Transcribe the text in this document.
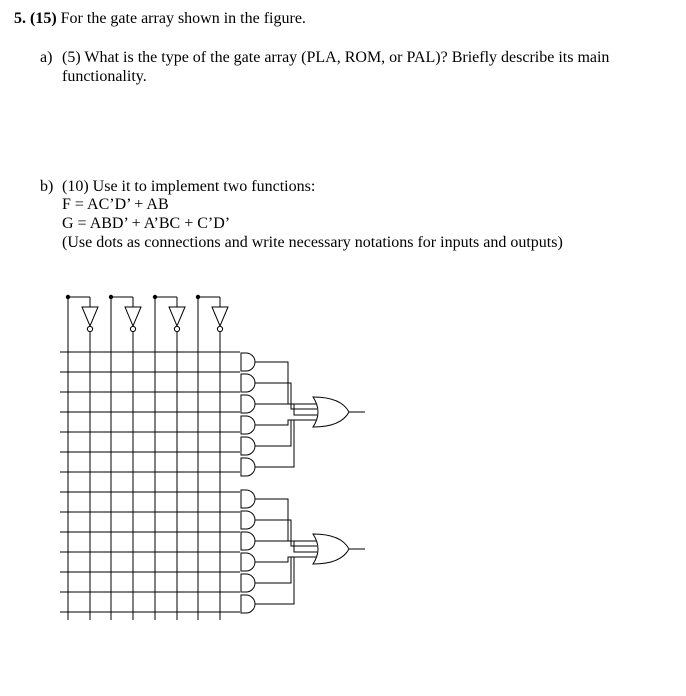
5. (15) For the gate array shown in the figure.
a) (5) What is the type of the gate array (PLA, ROM, or PAL)? Briefly describe its main
functionality.
b) (10) Use it to implement two functions:
F = AC’D’ + AB
G = ABD’ + A’BC + C’D’
(Use dots as connections and write necessary notations for inputs and outputs)
